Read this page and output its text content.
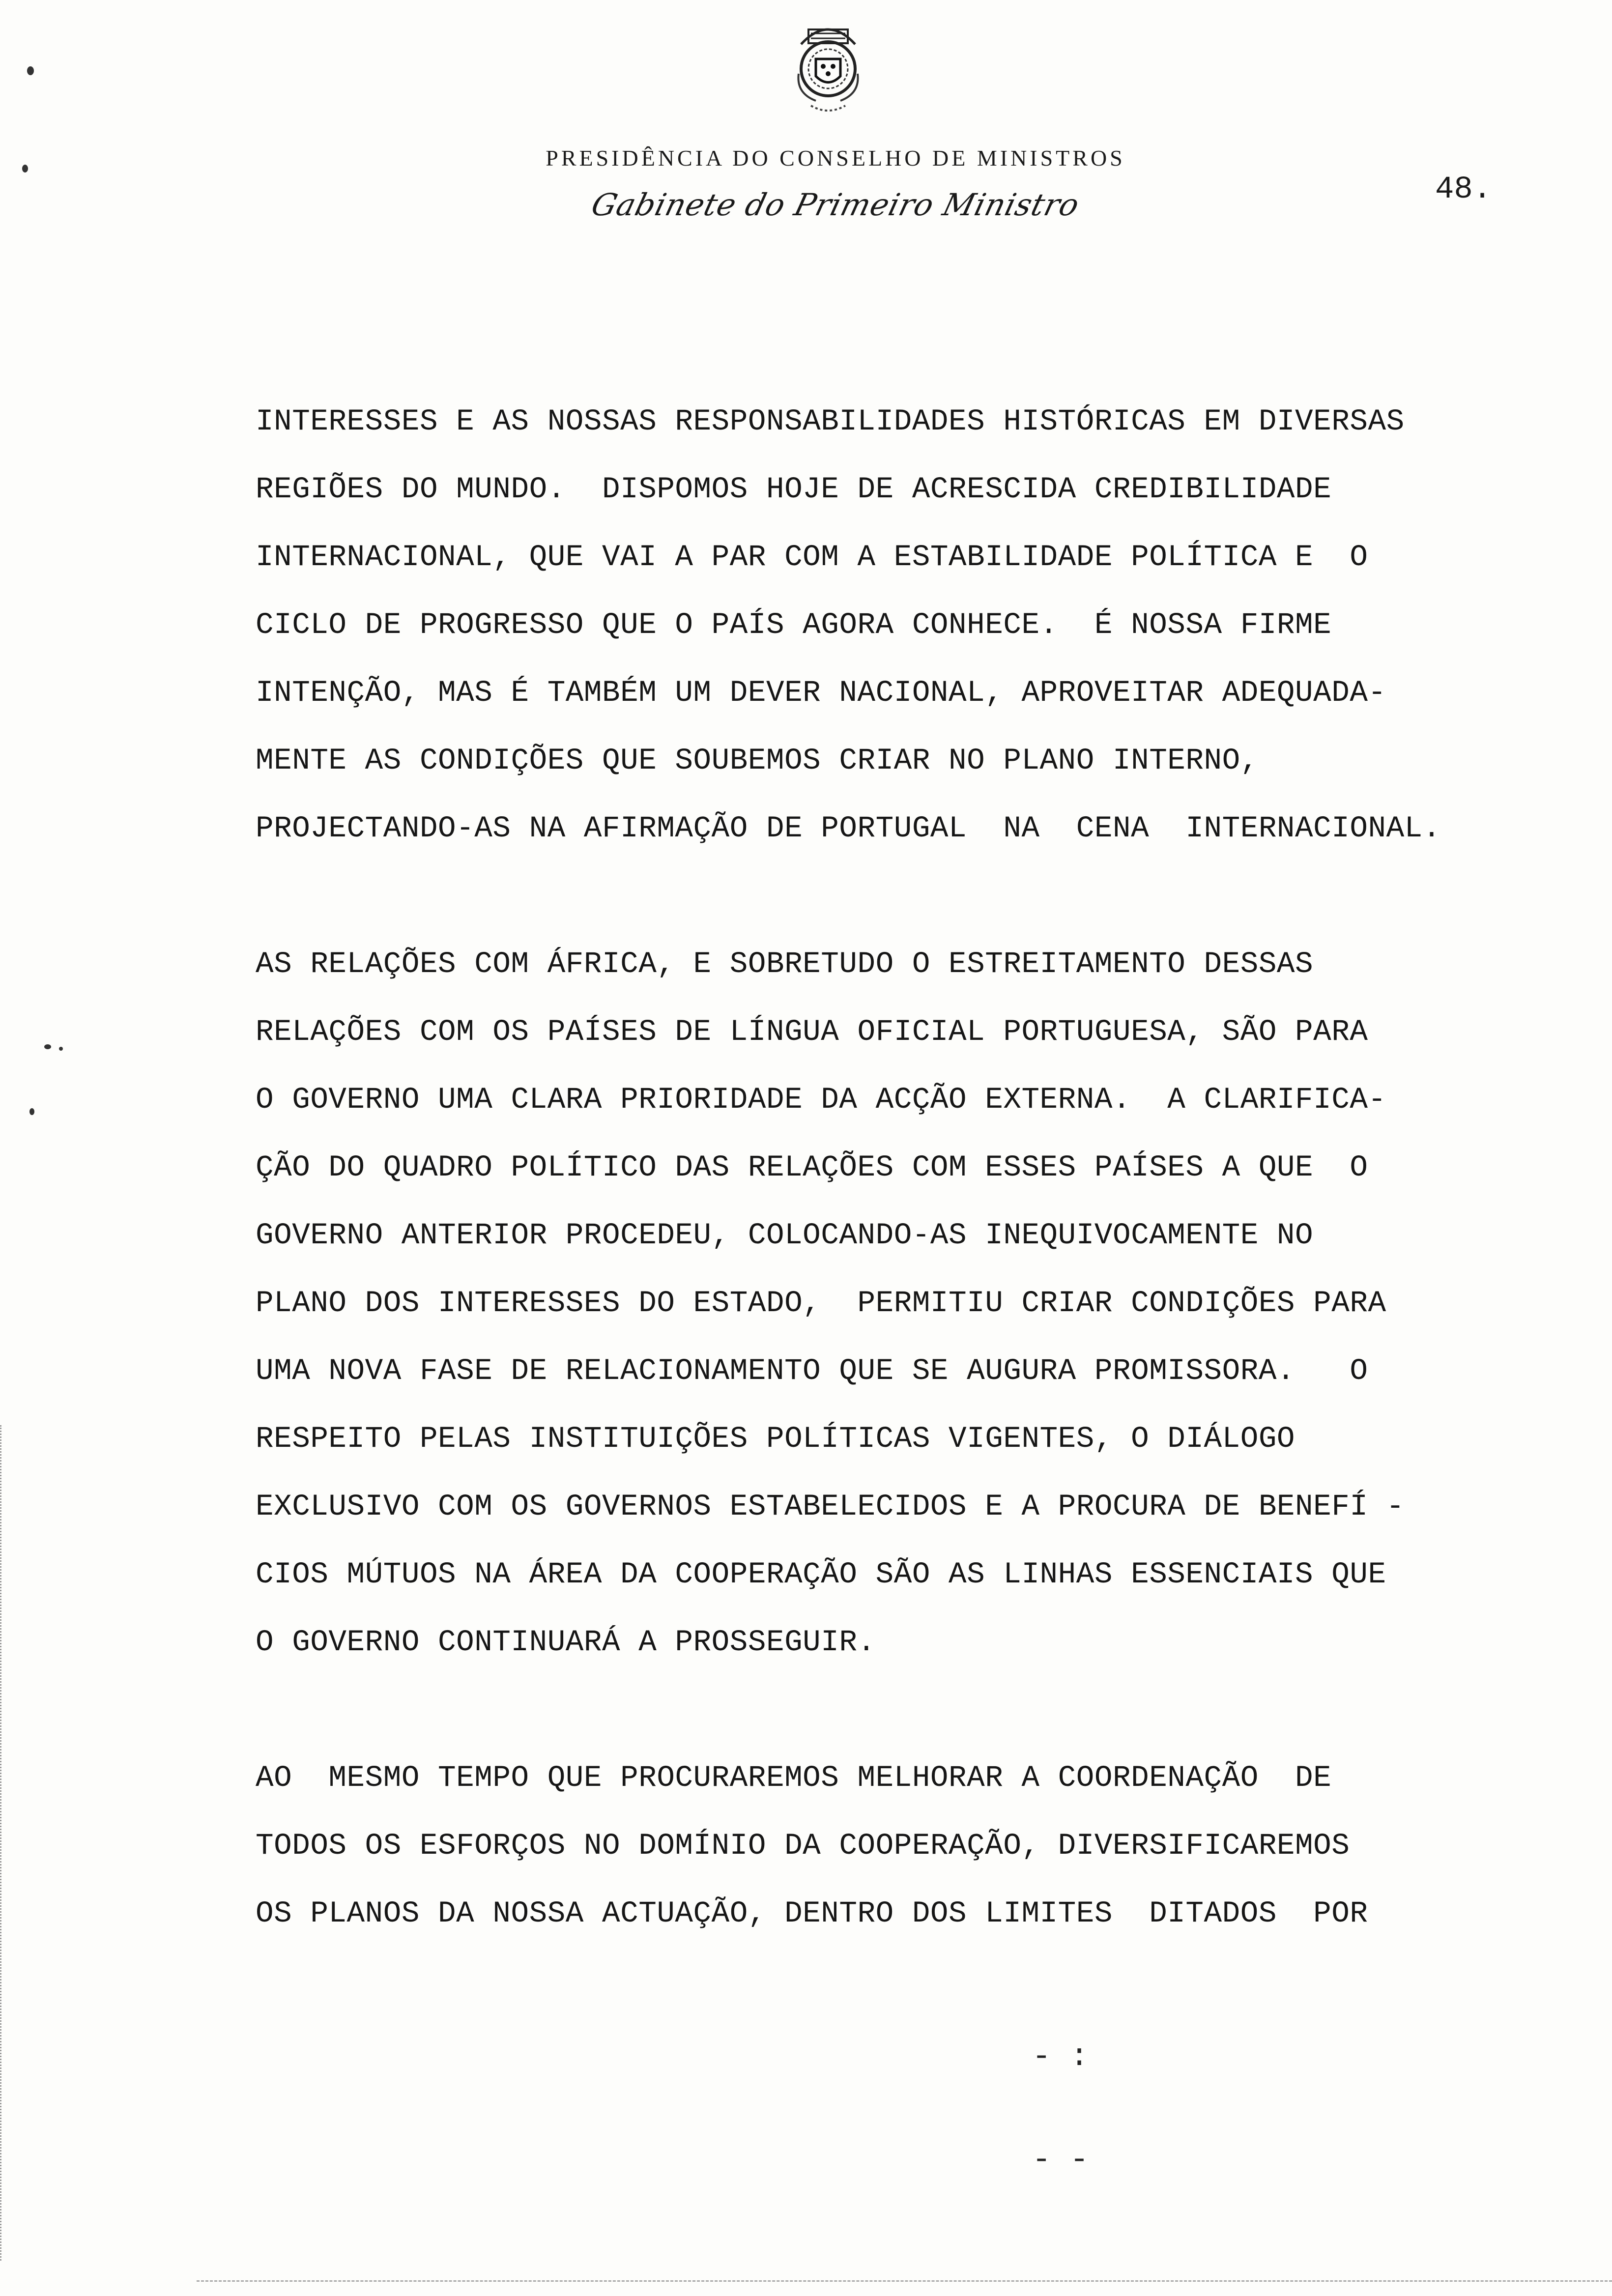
PRESIDÊNCIA DO CONSELHO DE MINISTROS
Gabinete do Primeiro Ministro	48.
INTERESSES E AS NOSSAS RESPONSABILIDADES HISTÓRICAS EM DIVERSAS
REGIÕES DO MUNDO.  DISPOMOS HOJE DE ACRESCIDA CREDIBILIDADE
INTERNACIONAL, QUE VAI A PAR COM A ESTABILIDADE POLÍTICA E  O
CICLO DE PROGRESSO QUE O PAÍS AGORA CONHECE.  É NOSSA FIRME
INTENÇÃO, MAS É TAMBÉM UM DEVER NACIONAL, APROVEITAR ADEQUADA-
MENTE AS CONDIÇÕES QUE SOUBEMOS CRIAR NO PLANO INTERNO,
PROJECTANDO-AS NA AFIRMAÇÃO DE PORTUGAL  NA  CENA  INTERNACIONAL.
AS RELAÇÕES COM ÁFRICA, E SOBRETUDO O ESTREITAMENTO DESSAS
RELAÇÕES COM OS PAÍSES DE LÍNGUA OFICIAL PORTUGUESA, SÃO PARA
O GOVERNO UMA CLARA PRIORIDADE DA ACÇÃO EXTERNA.  A CLARIFICA-
ÇÃO DO QUADRO POLÍTICO DAS RELAÇÕES COM ESSES PAÍSES A QUE  O
GOVERNO ANTERIOR PROCEDEU, COLOCANDO-AS INEQUIVOCAMENTE NO
PLANO DOS INTERESSES DO ESTADO,  PERMITIU CRIAR CONDIÇÕES PARA
UMA NOVA FASE DE RELACIONAMENTO QUE SE AUGURA PROMISSORA.   O
RESPEITO PELAS INSTITUIÇÕES POLÍTICAS VIGENTES, O DIÁLOGO
EXCLUSIVO COM OS GOVERNOS ESTABELECIDOS E A PROCURA DE BENEFÍ -
CIOS MÚTUOS NA ÁREA DA COOPERAÇÃO SÃO AS LINHAS ESSENCIAIS QUE
O GOVERNO CONTINUARÁ A PROSSEGUIR.
AO  MESMO TEMPO QUE PROCURAREMOS MELHORAR A COORDENAÇÃO  DE
TODOS OS ESFORÇOS NO DOMÍNIO DA COOPERAÇÃO, DIVERSIFICAREMOS
OS PLANOS DA NOSSA ACTUAÇÃO, DENTRO DOS LIMITES  DITADOS  POR
- :
- -
